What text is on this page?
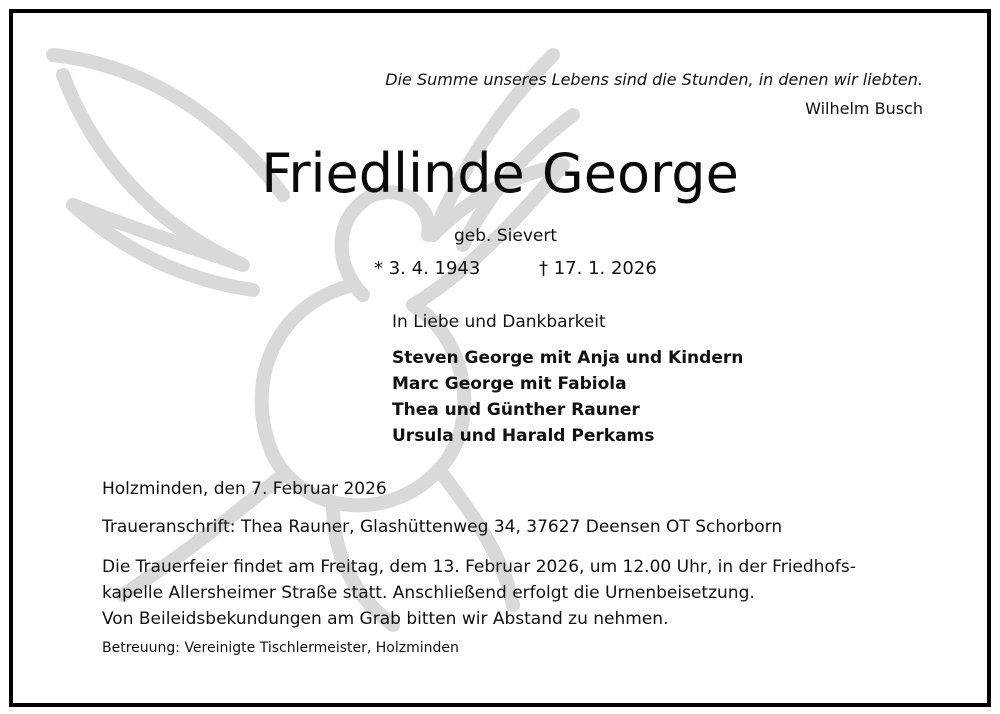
Die Summe unseres Lebens sind die Stunden, in denen wir liebten.
Wilhelm Busch
Friedlinde George
geb. Sievert
* 3. 4. 1943	† 17. 1. 2026
In Liebe und Dankbarkeit
Steven George mit Anja und Kindern
Marc George mit Fabiola
Thea und Günther Rauner
Ursula und Harald Perkams
Holzminden, den 7. Februar 2026
Traueranschrift: Thea Rauner, Glashüttenweg 34, 37627 Deensen OT Schorborn
Die Trauerfeier findet am Freitag, dem 13. Februar 2026, um 12.00 Uhr, in der Friedhofs-
kapelle Allersheimer Straße statt. Anschließend erfolgt die Urnenbeisetzung.
Von Beileidsbekundungen am Grab bitten wir Abstand zu nehmen.
Betreuung: Vereinigte Tischlermeister, Holzminden
